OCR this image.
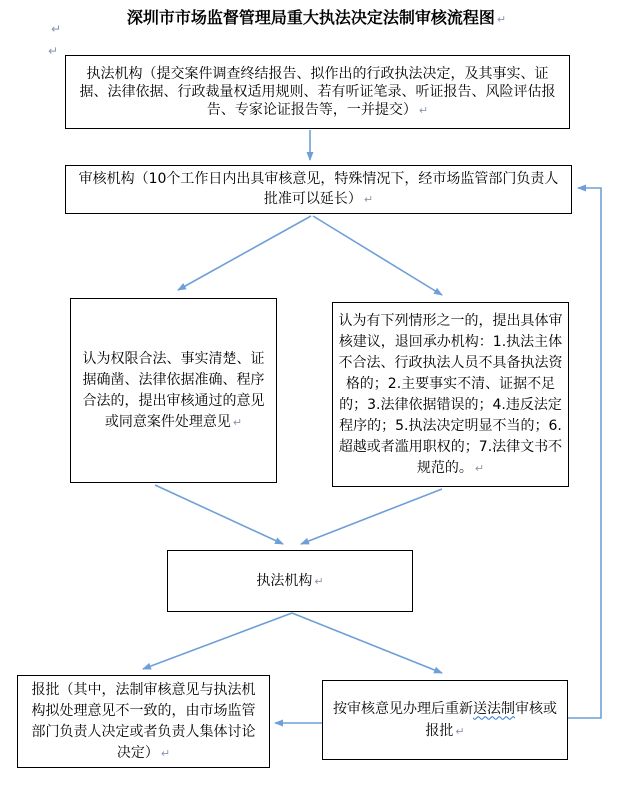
深圳市市场监督管理局重大执法决定法制审核流程图 ↵
↵
↵
执法机构（提交案件调查终结报告、拟作出的行政执法决定，及其事实、证据、法律依据、行政裁量权适用规则、若有听证笔录、听证报告、风险评估报告、专家论证报告等，一并提交） ↵
审核机构（10个工作日内出具审核意见，特殊情况下，经市场监管部门负责人批准可以延长） ↵
认为权限合法、事实清楚、证据确凿、法律依据准确、程序合法的，提出审核通过的意见或同意案件处理意见 ↵
认为有下列情形之一的，提出具体审核建议，退回承办机构：1.执法主体不合法、行政执法人员不具备执法资格的；2.主要事实不清、证据不足的；3.法律依据错误的；4.违反法定程序的；5.执法决定明显不当的；6.超越或者滥用职权的；7.法律文书不规范的。 ↵
执法机构 ↵
报批（其中，法制审核意见与执法机构拟处理意见不一致的，由市场监管部门负责人决定或者负责人集体讨论决定） ↵
按审核意见办理后重新送法制审核或报批 ↵
